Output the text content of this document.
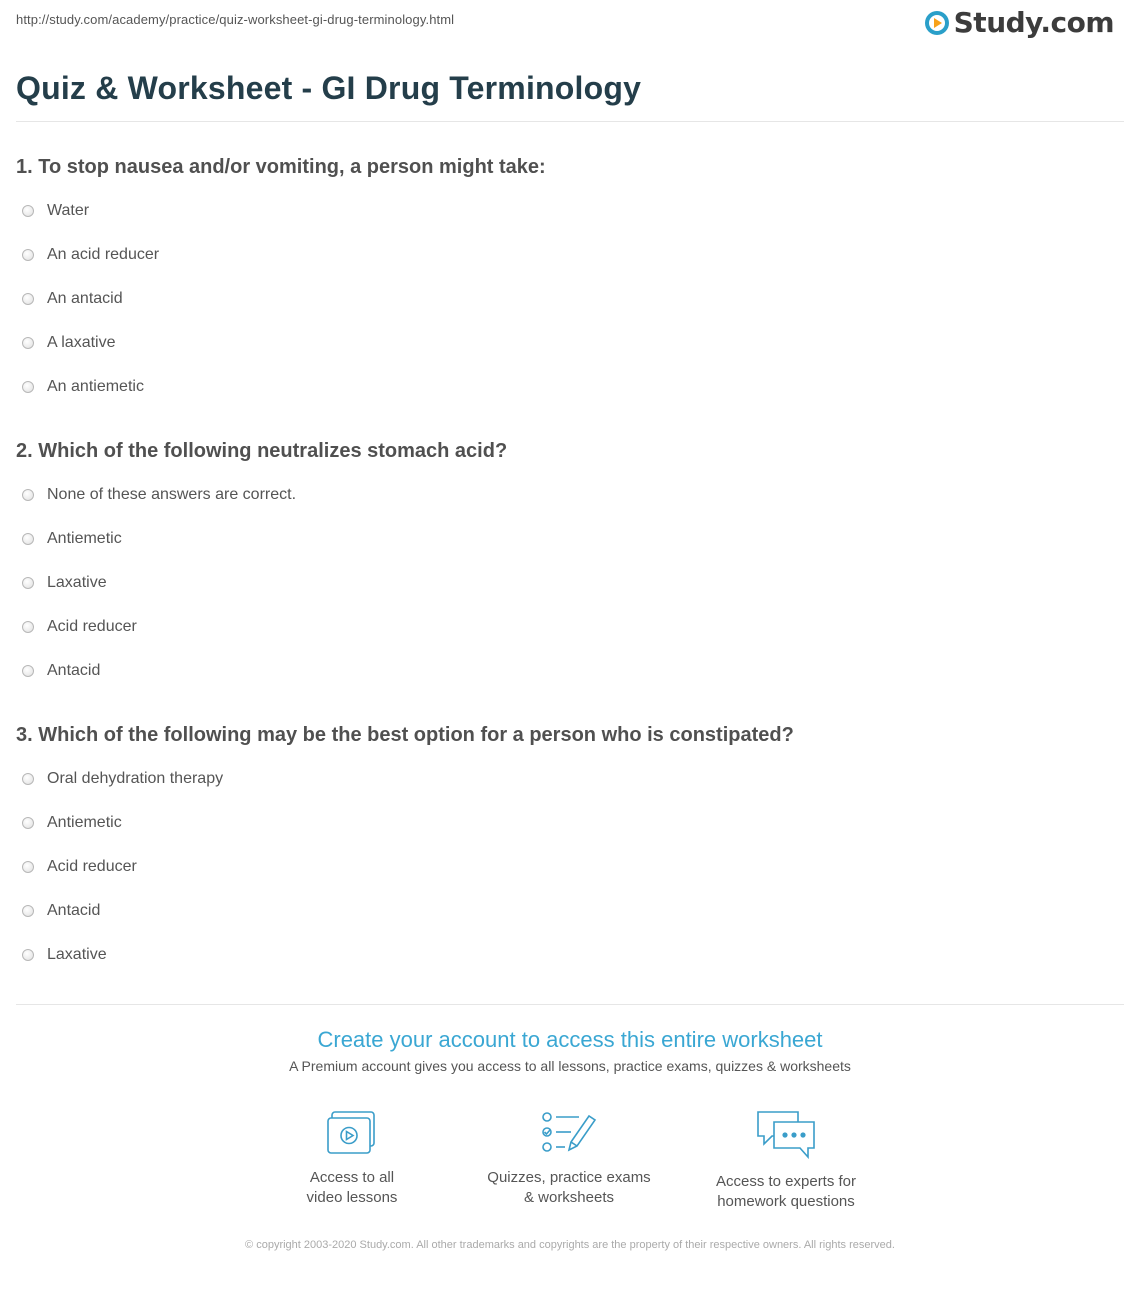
http://study.com/academy/practice/quiz-worksheet-gi-drug-terminology.html	Study.com
Quiz & Worksheet - GI Drug Terminology
1. To stop nausea and/or vomiting, a person might take:
Water
An acid reducer
An antacid
A laxative
An antiemetic
2. Which of the following neutralizes stomach acid?
None of these answers are correct.
Antiemetic
Laxative
Acid reducer
Antacid
3. Which of the following may be the best option for a person who is constipated?
Oral dehydration therapy
Antiemetic
Acid reducer
Antacid
Laxative
Create your account to access this entire worksheet

A Premium account gives you access to all lessons, practice exams, quizzes & worksheets

Access to all
video lessons
Quizzes, practice exams
& worksheets
Access to experts for
homework questions
© copyright 2003-2020 Study.com. All other trademarks and copyrights are the property of their respective owners. All rights reserved.
